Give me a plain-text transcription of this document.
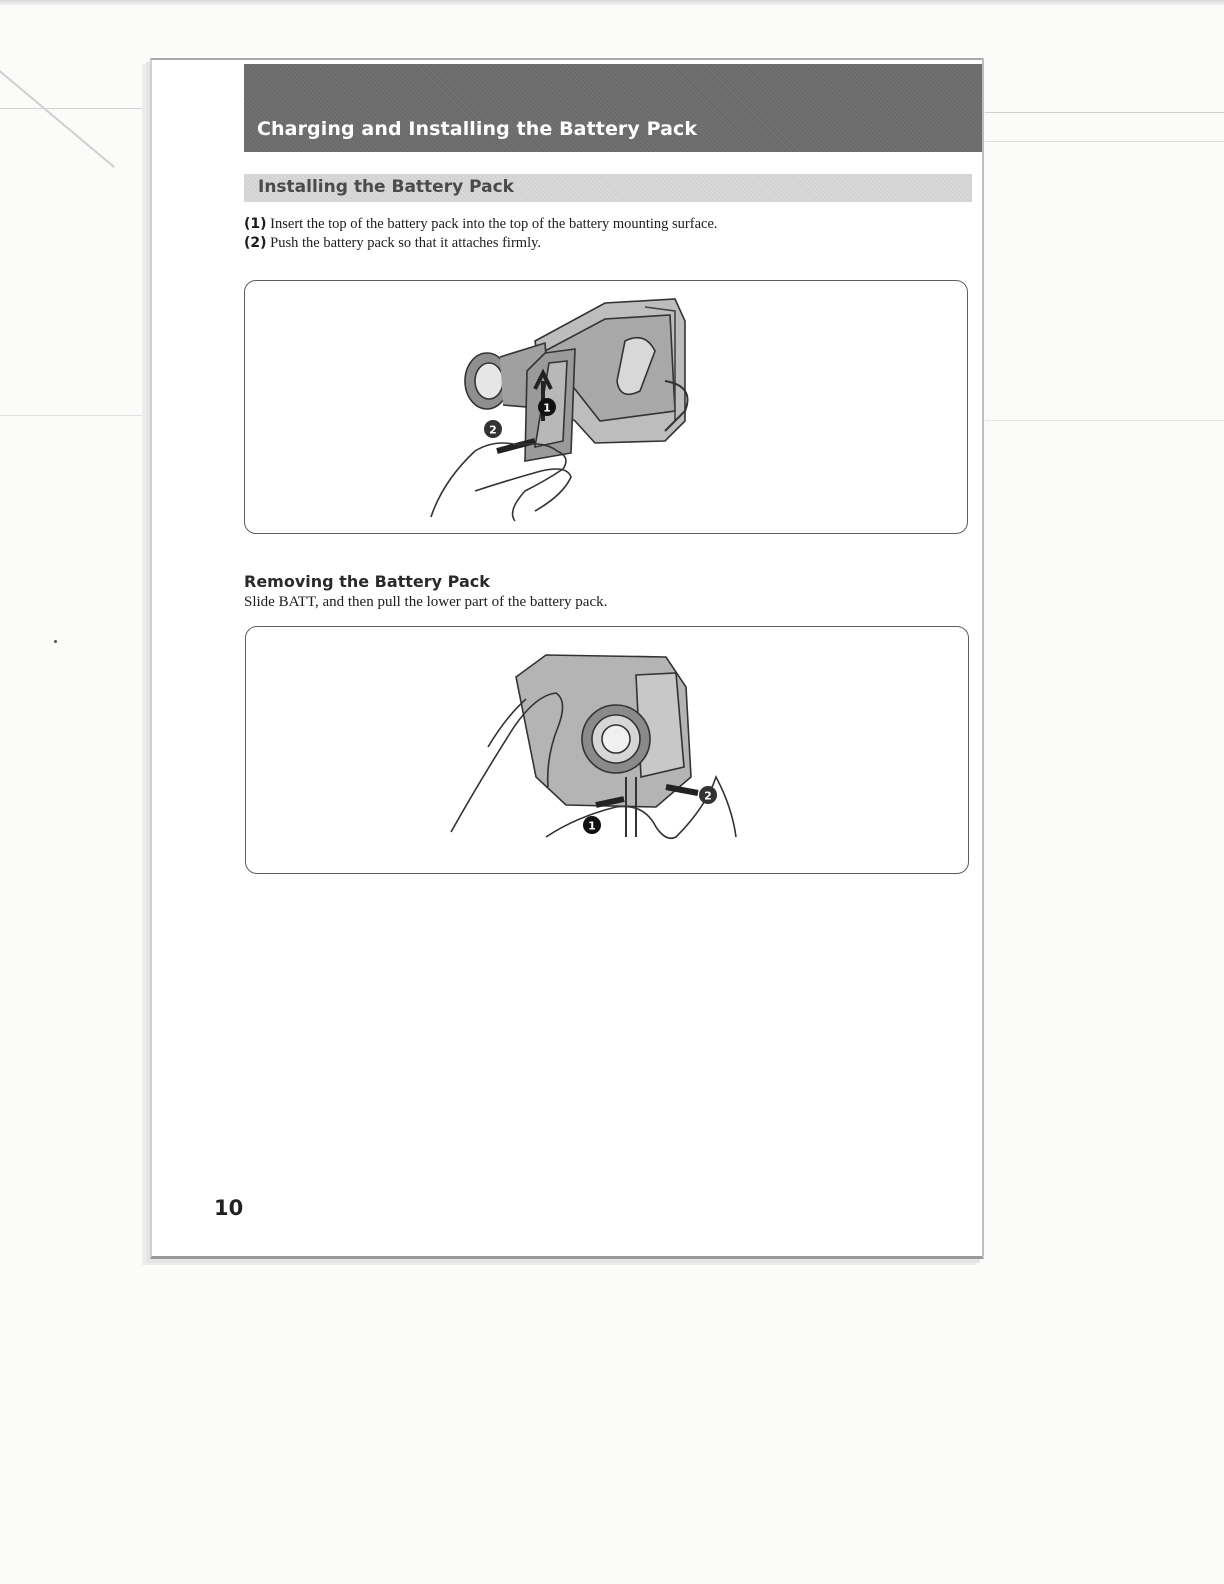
Charging and Installing the Battery Pack
Installing the Battery Pack
(1) Insert the top of the battery pack into the top of the battery mounting surface.
(2) Push the battery pack so that it attaches firmly.
1
2
Removing the Battery Pack
Slide BATT, and then pull the lower part of the battery pack.
1
2
10
